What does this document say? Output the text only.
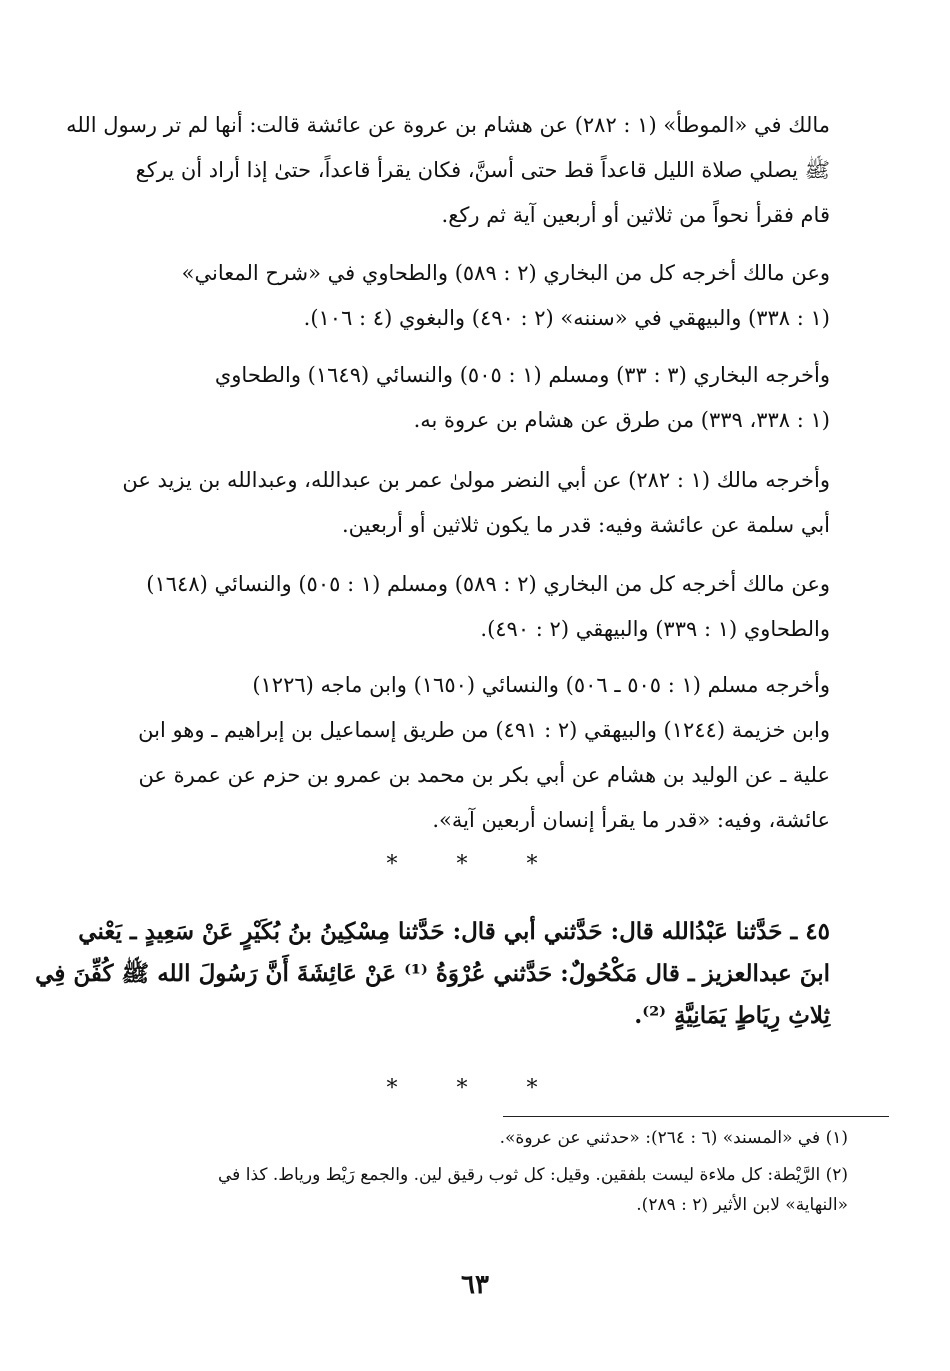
مالك في «الموطأ» (١ : ٢٨٢) عن هشام بن عروة عن عائشة قالت: أنها لم تر رسول الله
ﷺ يصلي صلاة الليل قاعداً قط حتى أسنَّ، فكان يقرأ قاعداً، حتىٰ إذا أراد أن يركع
قام فقرأ نحواً من ثلاثين أو أربعين آية ثم ركع.
وعن مالك أخرجه كل من البخاري (٢ : ٥٨٩) والطحاوي في «شرح المعاني»
(١ : ٣٣٨) والبيهقي في «سننه» (٢ : ٤٩٠) والبغوي (٤ : ١٠٦).
وأخرجه البخاري (٣ : ٣٣) ومسلم (١ : ٥٠٥) والنسائي (١٦٤٩) والطحاوي
(١ : ٣٣٨، ٣٣٩) من طرق عن هشام بن عروة به.
وأخرجه مالك (١ : ٢٨٢) عن أبي النضر مولىٰ عمر بن عبدالله، وعبدالله بن يزيد عن
أبي سلمة عن عائشة وفيه: قدر ما يكون ثلاثين أو أربعين.
وعن مالك أخرجه كل من البخاري (٢ : ٥٨٩) ومسلم (١ : ٥٠٥) والنسائي (١٦٤٨)
والطحاوي (١ : ٣٣٩) والبيهقي (٢ : ٤٩٠).
وأخرجه مسلم (١ : ٥٠٥ ـ ٥٠٦) والنسائي (١٦٥٠) وابن ماجه (١٢٢٦)
وابن خزيمة (١٢٤٤) والبيهقي (٢ : ٤٩١) من طريق إسماعيل بن إبراهيم ـ وهو ابن
علية ـ عن الوليد بن هشام عن أبي بكر بن محمد بن عمرو بن حزم عن عمرة عن
عائشة، وفيه: «قدر ما يقرأ إنسان أربعين آية».
* * *
٤٥ ـ حَدَّثنا عَبْدُالله قال: حَدَّثني أبي قال: حَدَّثنا مِسْكِينُ بنُ بُكَيْرٍ عَنْ سَعِيدٍ ـ يَعْني
ابنَ عبدالعزيز ـ قال مَكْحُولٌ: حَدَّثني عُرْوَةُ ⁽¹⁾ عَنْ عَائِشَةَ أَنَّ رَسُولَ الله ﷺ كُفِّنَ فِي
ثِلاثِ رِيَاطٍ يَمَانِيَّةٍ ⁽²⁾.
* * *
(١) في «المسند» (٦ : ٢٦٤): «حدثني عن عروة».
(٢) الرَّيْطة: كل ملاءة ليست بلفقين. وقيل: كل ثوب رقيق لين. والجمع رَيْط ورياط. كذا في
«النهاية» لابن الأثير (٢ : ٢٨٩).
٦٣
